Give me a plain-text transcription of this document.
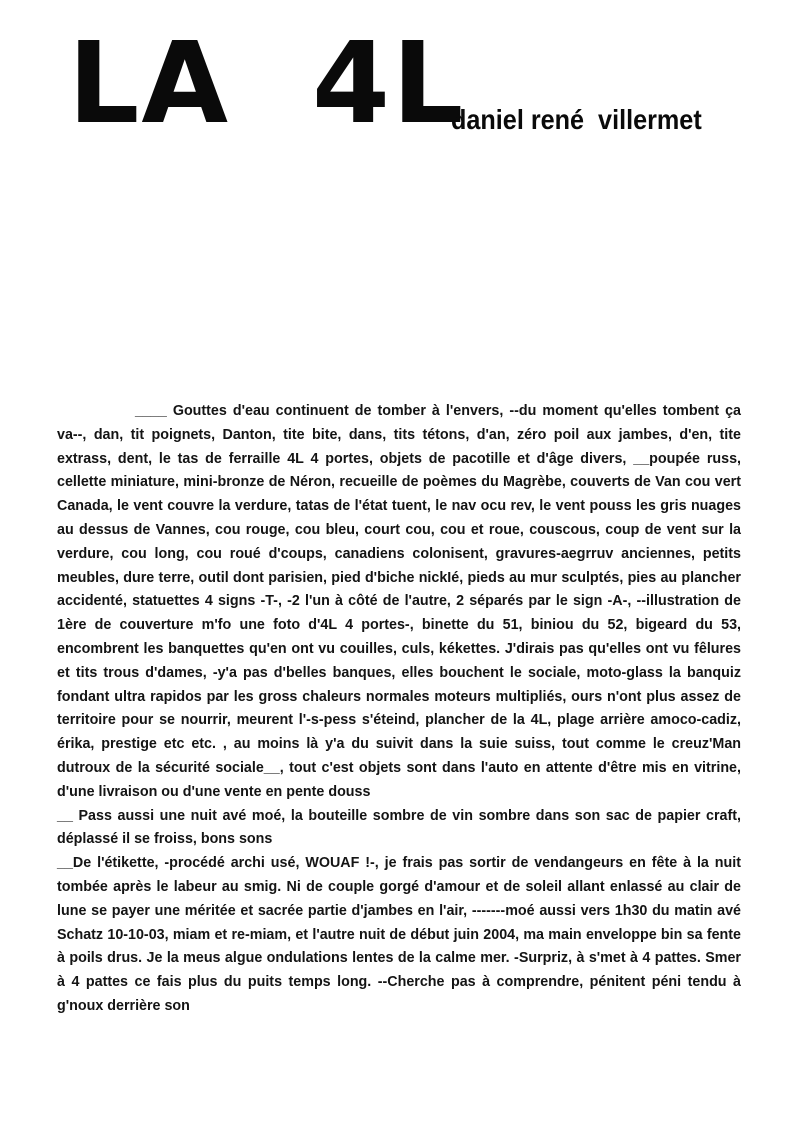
LA  4L
daniel rené  villermet

____ Gouttes d'eau continuent de tomber à l'envers, --du moment qu'elles tombent ça va--, dan, tit poignets, Danton, tite bite, dans, tits tétons, d'an, zéro poil aux jambes, d'en, tite extrass, dent, le tas de ferraille 4L 4 portes, objets de pacotille et d'âge divers, __poupée russ, cellette miniature, mini-bronze de Néron, recueille de poèmes du Magrèbe, couverts de Van cou vert Canada, le vent couvre la verdure, tatas de l'état tuent, le nav ocu rev, le vent pouss les gris nuages au dessus de Vannes, cou rouge, cou bleu, court cou, cou et roue, couscous, coup de vent sur la verdure, cou long, cou roué d'coups, canadiens colonisent, gravures-aegrruv anciennes, petits meubles, dure terre, outil dont parisien, pied d'biche nickIé, pieds au mur sculptés, pies au plancher accidenté, statuettes 4 signs -T-, -2 l'un à côté de l'autre, 2 séparés par le sign -A-, --illustration de 1ère de couverture m'fo une foto d'4L 4 portes-, binette du 51, biniou du 52, bigeard du 53, encombrent les banquettes qu'en ont vu couilles, culs, kékettes. J'dirais pas qu'elles ont vu fêlures et tits trous d'dames, -y'a pas d'belles banques, elles bouchent le sociale, moto-glass la banquiz fondant ultra rapidos par les gross chaleurs normales moteurs multipliés, ours n'ont plus assez de territoire pour se nourrir, meurent l'-s-pess s'éteind, plancher de la 4L, plage arrière amoco-cadiz, érika, prestige etc etc. , au moins là y'a du suivit dans la suie suiss, tout comme le creuz'Man dutroux de la sécurité sociale__, tout c'est objets sont dans l'auto en attente d'être mis en vitrine, d'une livraison ou d'une vente en pente douss

__ Pass aussi une nuit avé moé, la bouteille sombre de vin sombre dans son sac de papier craft, déplassé il se froiss, bons sons

__De l'étikette, -procédé archi usé, WOUAF !-, je frais pas sortir de vendangeurs en fête à la nuit tombée après le labeur au smig. Ni de couple gorgé d'amour et de soleil allant enlassé au clair de lune se payer une méritée et sacrée partie d'jambes en l'air, -------moé aussi vers 1h30 du matin avé Schatz 10-10-03, miam et re-miam, et l'autre nuit de début juin 2004, ma main enveloppe bin sa fente à poils drus. Je la meus algue ondulations lentes de la calme mer. -Surpriz, à s'met à 4 pattes. Smer à 4 pattes ce fais plus du puits temps long. --Cherche pas à comprendre, pénitent péni tendu à g'noux derrière son
